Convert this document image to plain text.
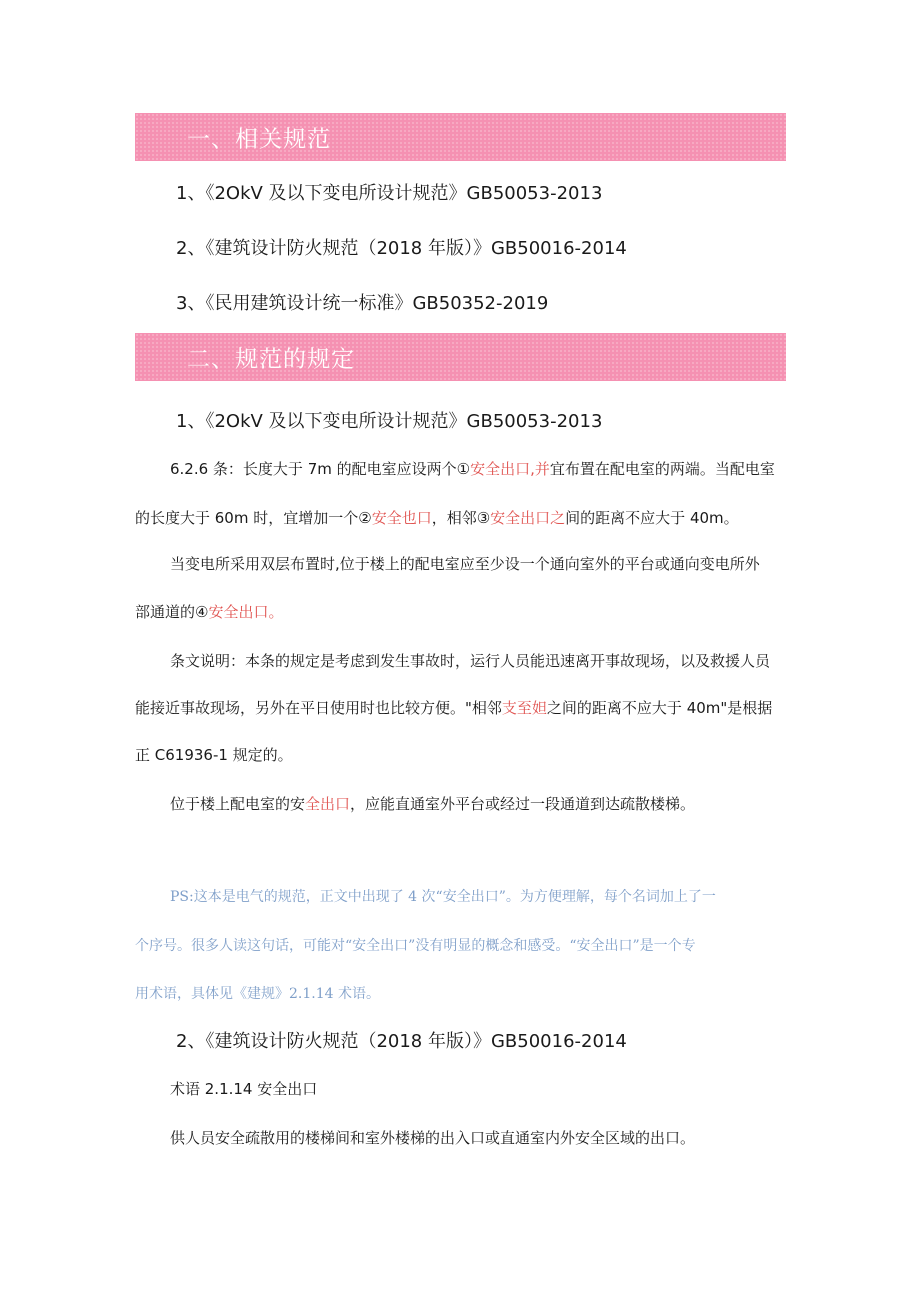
一、相关规范
1、《2OkV 及以下变电所设计规范》GB50053-2013
2、《建筑设计防火规范（2018 年版）》GB50016-2014
3、《民用建筑设计统一标准》GB50352-2019
二、规范的规定
1、《2OkV 及以下变电所设计规范》GB50053-2013
6.2.6 条：长度大于 7m 的配电室应设两个①安全出口,并宜布置在配电室的两端。当配电室
的长度大于 60m 时，宜增加一个②安全也口，相邻③安全出口之间的距离不应大于 40m。
当变电所采用双层布置时,位于楼上的配电室应至少设一个通向室外的平台或通向变电所外
部通道的④安全出口。
条文说明：本条的规定是考虑到发生事故时，运行人员能迅速离开事故现场，以及救援人员
能接近事故现场，另外在平日使用时也比较方便。"相邻支至妲之间的距离不应大于 40m"是根据
正 C61936-1 规定的。
位于楼上配电室的安全出口，应能直通室外平台或经过一段通道到达疏散楼梯。
PS:这本是电气的规范，正文中出现了 4 次“安全出口”。为方便理解，每个名词加上了一
个序号。很多人读这句话，可能对“安全出口”没有明显的概念和感受。“安全出口”是一个专
用术语，具体见《建规》2.1.14 术语。
2、《建筑设计防火规范（2018 年版）》GB50016-2014
术语 2.1.14 安全出口
供人员安全疏散用的楼梯间和室外楼梯的出入口或直通室内外安全区域的出口。
